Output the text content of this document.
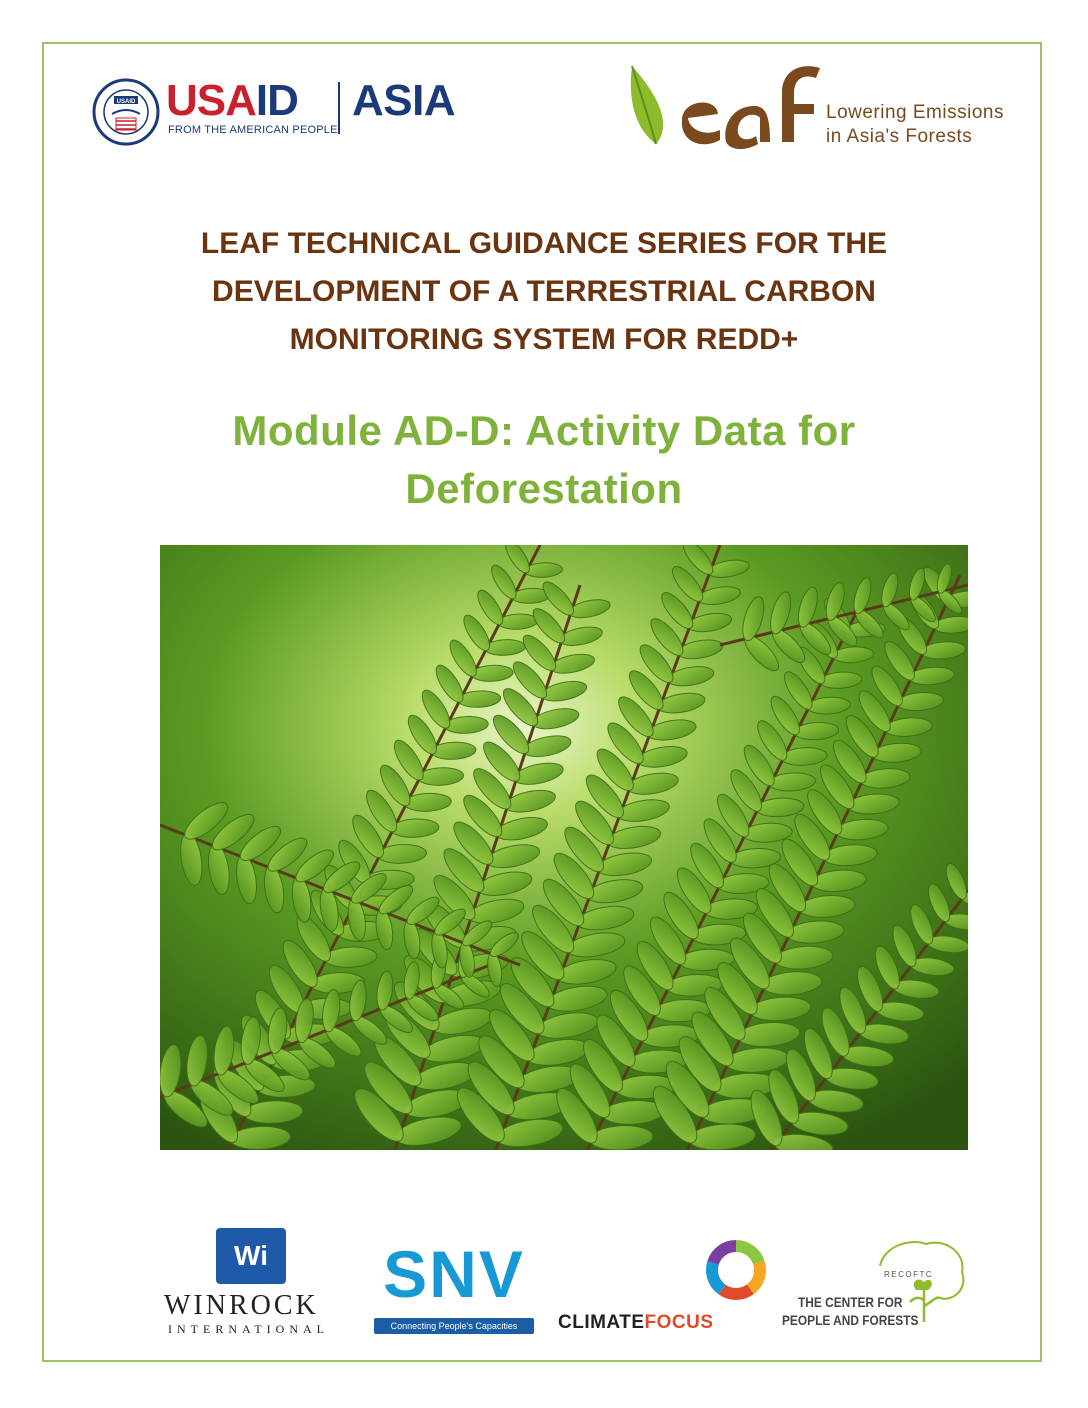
USAID USAID
FROM THE AMERICAN PEOPLE
ASIA	Lowering Emissions
in Asia's Forests
LEAF TECHNICAL GUIDANCE SERIES FOR THE
DEVELOPMENT OF A TERRESTRIAL CARBON
MONITORING SYSTEM FOR REDD+
Module AD-D: Activity Data for
Deforestation
Wi
WINROCK
INTERNATIONAL
SNV
Connecting People's Capacities	CLIMATEFOCUS
RECOFTC
THE CENTER FOR
PEOPLE AND FORESTS
